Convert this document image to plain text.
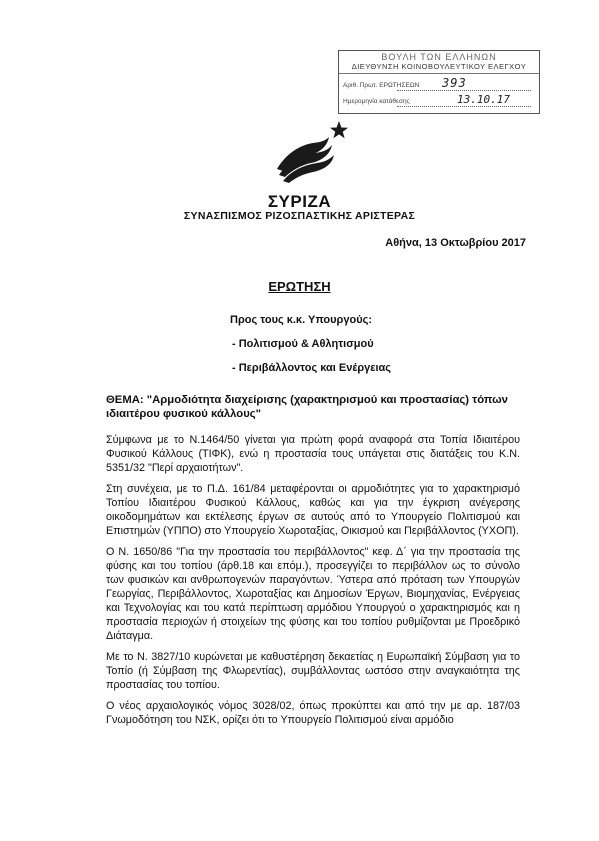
ΒΟΥΛΗ ΤΩΝ ΕΛΛΗΝΩΝ
ΔΙΕΥΘΥΝΣΗ ΚΟΙΝΟΒΟΥΛΕΥΤΙΚΟΥ ΕΛΕΓΧΟΥ
Αριθ. Πρωτ. ΕΡΩΤΗΣΕΩΝ 393
Ημερομηνία κατάθεσης	13.10.17
ΣΥΡΙΖΑ
ΣΥΝΑΣΠΙΣΜΟΣ ΡΙΖΟΣΠΑΣΤΙΚΗΣ ΑΡΙΣΤΕΡΑΣ
Αθήνα, 13 Οκτωβρίου 2017
ΕΡΩΤΗΣΗ
Προς τους κ.κ. Υπουργούς:
- Πολιτισμού & Αθλητισμού
- Περιβάλλοντος και Ενέργειας
ΘΕΜΑ: "Αρμοδιότητα διαχείρισης (χαρακτηρισμού και προστασίας) τόπων ιδιαιτέρου φυσικού κάλλους"

Σύμφωνα με το Ν.1464/50 γίνεται για πρώτη φορά αναφορά στα Τοπία Ιδιαιτέρου Φυσικού Κάλλους (ΤΙΦΚ), ενώ η προστασία τους υπάγεται στις διατάξεις του Κ.Ν. 5351/32 "Περί αρχαιοτήτων".

Στη συνέχεια, με το Π.Δ. 161/84 μεταφέρονται οι αρμοδιότητες για το χαρακτηρισμό Τοπίου Ιδιαιτέρου Φυσικού Κάλλους, καθώς και για την έγκριση ανέγερσης οικοδομημάτων και εκτέλεσης έργων σε αυτούς από το Υπουργείο Πολιτισμού και Επιστημών (ΥΠΠΟ) στο Υπουργείο Χωροταξίας, Οικισμού και Περιβάλλοντος (ΥΧΟΠ).

Ο Ν. 1650/86 "Για την προστασία του περιβάλλοντος" κεφ. Δ΄ για την προστασία της φύσης και του τοπίου (άρθ.18 και επόμ.), προσεγγίζει το περιβάλλον ως το σύνολο των φυσικών και ανθρωπογενών παραγόντων. Ύστερα από πρόταση των Υπουργών Γεωργίας, Περιβάλλοντος, Χωροταξίας και Δημοσίων Έργων, Βιομηχανίας, Ενέργειας και Τεχνολογίας και του κατά περίπτωση αρμόδιου Υπουργού ο χαρακτηρισμός και η προστασία περιοχών ή στοιχείων της φύσης και του τοπίου ρυθμίζονται με Προεδρικό Διάταγμα.

Με το Ν. 3827/10 κυρώνεται με καθυστέρηση δεκαετίας η Ευρωπαϊκή Σύμβαση για το Τοπίο (ή Σύμβαση της Φλωρεντίας), συμβάλλοντας ωστόσο στην αναγκαιότητα της προστασίας του τοπίου.

Ο νέος αρχαιολογικός νόμος 3028/02, όπως προκύπτει και από την με αρ. 187/03 Γνωμοδότηση του ΝΣΚ, ορίζει ότι το Υπουργείο Πολιτισμού είναι αρμόδιο
